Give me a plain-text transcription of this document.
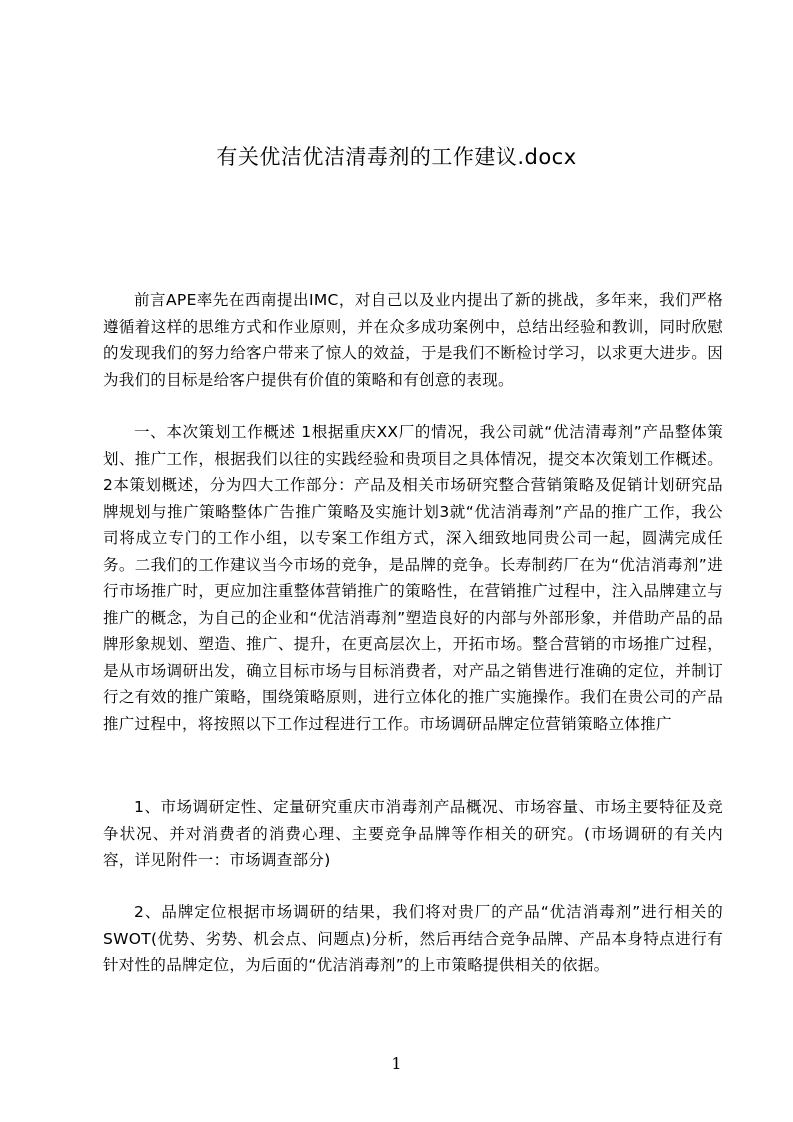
有关优洁优洁清毒剂的工作建议.docx

前言APE率先在西南提出IMC，对自己以及业内提出了新的挑战，多年来，我们严格遵循着这样的思维方式和作业原则，并在众多成功案例中，总结出经验和教训，同时欣慰的发现我们的努力给客户带来了惊人的效益，于是我们不断检讨学习，以求更大进步。因为我们的目标是给客户提供有价值的策略和有创意的表现。

一、本次策划工作概述 1根据重庆XX厂的情况，我公司就“优洁清毒剂”产品整体策划、推广工作，根据我们以往的实践经验和贵项目之具体情况，提交本次策划工作概述。2本策划概述，分为四大工作部分：产品及相关市场研究整合营销策略及促销计划研究品牌规划与推广策略整体广告推广策略及实施计划3就“优洁消毒剂”产品的推广工作，我公司将成立专门的工作小组，以专案工作组方式，深入细致地同贵公司一起，圆满完成任务。二我们的工作建议当今市场的竞争，是品牌的竞争。长寿制药厂在为“优洁消毒剂”进行市场推广时，更应加注重整体营销推广的策略性，在营销推广过程中，注入品牌建立与推广的概念，为自己的企业和“优洁消毒剂”塑造良好的内部与外部形象，并借助产品的品牌形象规划、塑造、推广、提升，在更高层次上，开拓市场。整合营销的市场推广过程，是从市场调研出发，确立目标市场与目标消费者，对产品之销售进行准确的定位，并制订行之有效的推广策略，围绕策略原则，进行立体化的推广实施操作。我们在贵公司的产品推广过程中，将按照以下工作过程进行工作。市场调研品牌定位营销策略立体推广

1、市场调研定性、定量研究重庆市消毒剂产品概况、市场容量、市场主要特征及竞争状况、并对消费者的消费心理、主要竞争品牌等作相关的研究。(市场调研的有关内容，详见附件一：市场调查部分)

2、品牌定位根据市场调研的结果，我们将对贵厂的产品“优洁消毒剂”进行相关的SWOT(优势、劣势、机会点、问题点)分析，然后再结合竞争品牌、产品本身特点进行有针对性的品牌定位，为后面的“优洁消毒剂”的上市策略提供相关的依据。

1
